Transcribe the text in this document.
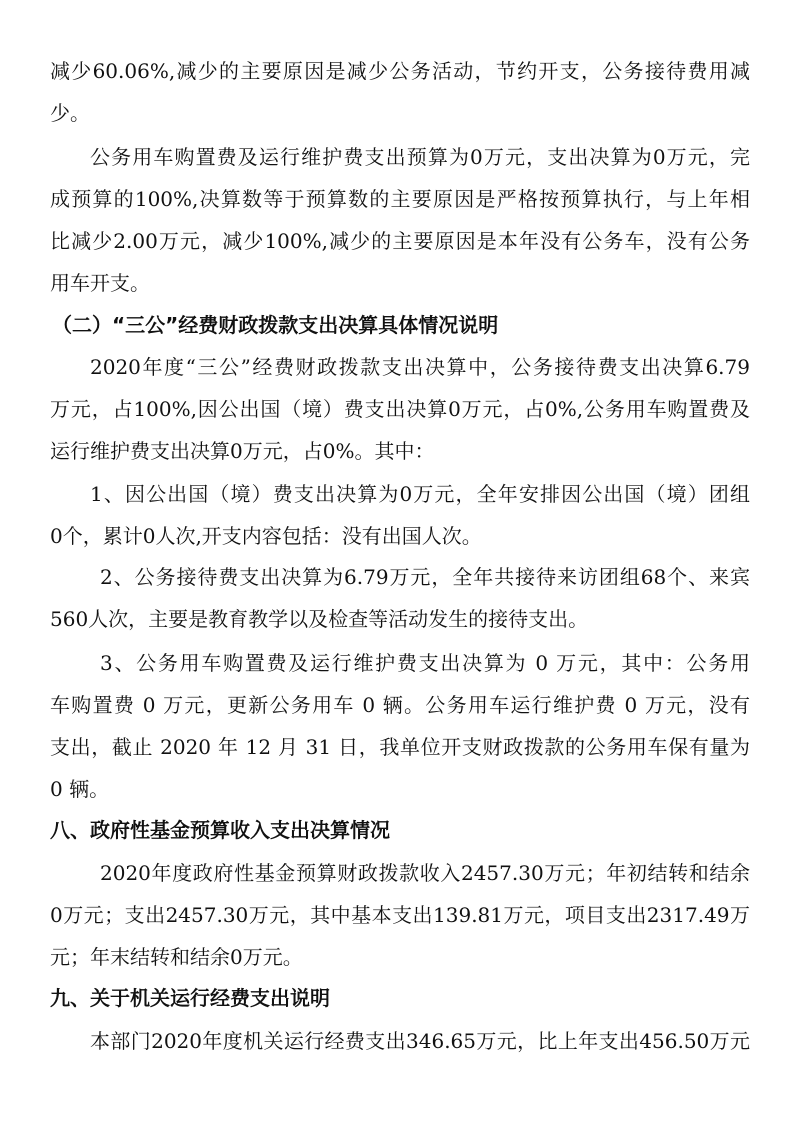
减少60.06%,减少的主要原因是减少公务活动，节约开支，公务接待费用减
少。
公务用车购置费及运行维护费支出预算为0万元，支出决算为0万元，完
成预算的100%,决算数等于预算数的主要原因是严格按预算执行，与上年相
比减少2.00万元，减少100%,减少的主要原因是本年没有公务车，没有公务
用车开支。
（二）“三公”经费财政拨款支出决算具体情况说明
2020年度“三公”经费财政拨款支出决算中，公务接待费支出决算6.79
万元，占100%,因公出国（境）费支出决算0万元，占0%,公务用车购置费及
运行维护费支出决算0万元，占0%。其中：
1、因公出国（境）费支出决算为0万元，全年安排因公出国（境）团组
0个，累计0人次,开支内容包括：没有出国人次。
2、公务接待费支出决算为6.79万元，全年共接待来访团组68个、来宾
560人次，主要是教育教学以及检查等活动发生的接待支出。
3、公务用车购置费及运行维护费支出决算为 0 万元，其中：公务用
车购置费 0 万元，更新公务用车 0 辆。公务用车运行维护费 0 万元，没有
支出，截止 2020 年 12 月 31 日，我单位开支财政拨款的公务用车保有量为
0 辆。
八、政府性基金预算收入支出决算情况
2020年度政府性基金预算财政拨款收入2457.30万元；年初结转和结余
0万元；支出2457.30万元，其中基本支出139.81万元，项目支出2317.49万
元；年末结转和结余0万元。
九、关于机关运行经费支出说明
本部门2020年度机关运行经费支出346.65万元，比上年支出456.50万元
